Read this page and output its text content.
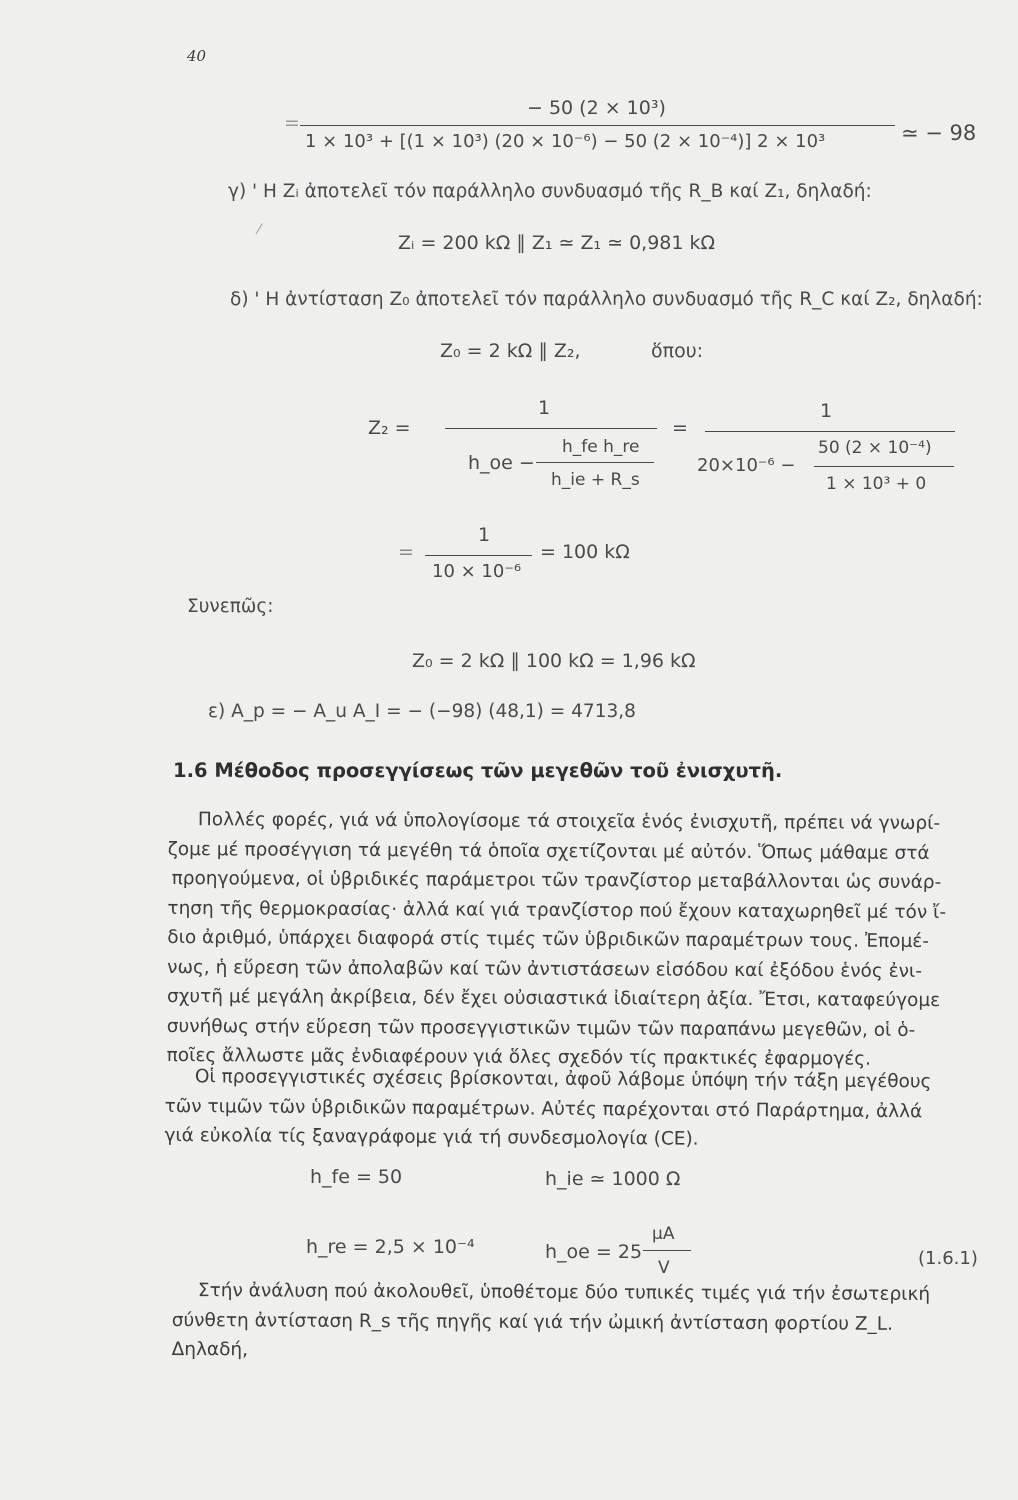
40
=
− 50 (2 × 10³)
1 × 10³ + [(1 × 10³) (20 × 10⁻⁶) − 50 (2 × 10⁻⁴)] 2 × 10³	≃ − 98
γ) ' Η Zᵢ ἀποτελεῖ τόν παράλληλο συνδυασμό τῆς R_B καί Z₁, δηλαδή:
⁄
Zᵢ = 200 kΩ ∥ Z₁ ≃ Z₁ ≃ 0,981 kΩ
δ) ' Η ἀντίσταση Z₀ ἀποτελεῖ τόν παράλληλο συνδυασμό τῆς R_C καί Z₂, δηλαδή:
Z₀ = 2 kΩ ∥ Z₂,	ὅπου:
Z₂ =
1
h_oe −
h_fe h_re
h_ie + R_s
=
1
20×10⁻⁶ −
50 (2 × 10⁻⁴)
1 × 10³ + 0
=
1
10 × 10⁻⁶
= 100 kΩ
Συνεπῶς:
Z₀ = 2 kΩ ∥ 100 kΩ = 1,96 kΩ
ε) A_p = − A_u A_I = − (−98) (48,1) = 4713,8
1.6 Μέθοδος προσεγγίσεως τῶν μεγεθῶν τοῦ ἐνισχυτῆ.
Πολλές φορές, γιά νά ὑπολογίσομε τά στοιχεῖα ἑνός ἐνισχυτῆ, πρέπει νά γνωρί-
ζομε μέ προσέγγιση τά μεγέθη τά ὁποῖα σχετίζονται μέ αὐτόν. Ὅπως μάθαμε στά
προηγούμενα, οἱ ὑβριδικές παράμετροι τῶν τρανζίστορ μεταβάλλονται ὡς συνάρ-
τηση τῆς θερμοκρασίας· ἀλλά καί γιά τρανζίστορ πού ἔχουν καταχωρηθεῖ μέ τόν ἴ-
διο ἀριθμό, ὑπάρχει διαφορά στίς τιμές τῶν ὑβριδικῶν παραμέτρων τους. Ἐπομέ-
νως, ἡ εὕρεση τῶν ἀπολαβῶν καί τῶν ἀντιστάσεων εἰσόδου καί ἐξόδου ἑνός ἐνι-
σχυτῆ μέ μεγάλη ἀκρίβεια, δέν ἔχει οὐσιαστικά ἰδιαίτερη ἀξία. Ἔτσι, καταφεύγομε
συνήθως στήν εὕρεση τῶν προσεγγιστικῶν τιμῶν τῶν παραπάνω μεγεθῶν, οἱ ὁ-
ποῖες ἄλλωστε μᾶς ἐνδιαφέρουν γιά ὅλες σχεδόν τίς πρακτικές ἐφαρμογές.
Οἱ προσεγγιστικές σχέσεις βρίσκονται, ἀφοῦ λάβομε ὑπόψη τήν τάξη μεγέθους
τῶν τιμῶν τῶν ὑβριδικῶν παραμέτρων. Αὐτές παρέχονται στό Παράρτημα, ἀλλά
γιά εὐκολία τίς ξαναγράφομε γιά τή συνδεσμολογία (CE).
h_fe = 50	h_ie ≃ 1000 Ω
h_re = 2,5 × 10⁻⁴	h_oe = 25
μA
V	(1.6.1)
Στήν ἀνάλυση πού ἀκολουθεῖ, ὑποθέτομε δύο τυπικές τιμές γιά τήν ἐσωτερική
σύνθετη ἀντίσταση R_s τῆς πηγῆς καί γιά τήν ὠμική ἀντίσταση φορτίου Z_L.
Δηλαδή,
